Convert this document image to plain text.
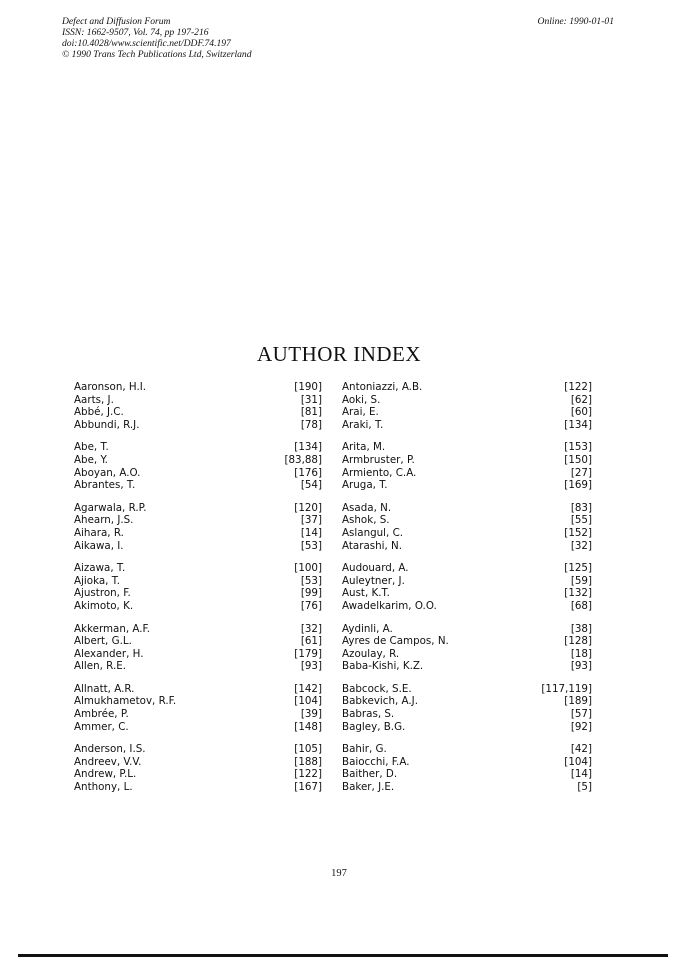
Defect and Diffusion Forum
ISSN: 1662-9507, Vol. 74, pp 197-216
doi:10.4028/www.scientific.net/DDF.74.197
© 1990 Trans Tech Publications Ltd, Switzerland
Online: 1990-01-01
AUTHOR INDEX
Aaronson, H.I.	[190]
Aarts, J.	[31]
Abbé, J.C.	[81]
Abbundi, R.J.	[78]
Abe, T.	[134]
Abe, Y.	[83,88]
Aboyan, A.O.	[176]
Abrantes, T.	[54]
Agarwala, R.P.	[120]
Ahearn, J.S.	[37]
Aihara, R.	[14]
Aikawa, I.	[53]
Aizawa, T.	[100]
Ajioka, T.	[53]
Ajustron, F.	[99]
Akimoto, K.	[76]
Akkerman, A.F.	[32]
Albert, G.L.	[61]
Alexander, H.	[179]
Allen, R.E.	[93]
Allnatt, A.R.	[142]
Almukhametov, R.F.	[104]
Ambrée, P.	[39]
Ammer, C.	[148]
Anderson, I.S.	[105]
Andreev, V.V.	[188]
Andrew, P.L.	[122]
Anthony, L.	[167]
Antoniazzi, A.B.	[122]
Aoki, S.	[62]
Arai, E.	[60]
Araki, T.	[134]
Arita, M.	[153]
Armbruster, P.	[150]
Armiento, C.A.	[27]
Aruga, T.	[169]
Asada, N.	[83]
Ashok, S.	[55]
Aslangul, C.	[152]
Atarashi, N.	[32]
Audouard, A.	[125]
Auleytner, J.	[59]
Aust, K.T.	[132]
Awadelkarim, O.O.	[68]
Aydinli, A.	[38]
Ayres de Campos, N.	[128]
Azoulay, R.	[18]
Baba-Kishi, K.Z.	[93]
Babcock, S.E.	[117,119]
Babkevich, A.J.	[189]
Babras, S.	[57]
Bagley, B.G.	[92]
Bahir, G.	[42]
Baiocchi, F.A.	[104]
Baither, D.	[14]
Baker, J.E.	[5]
197
